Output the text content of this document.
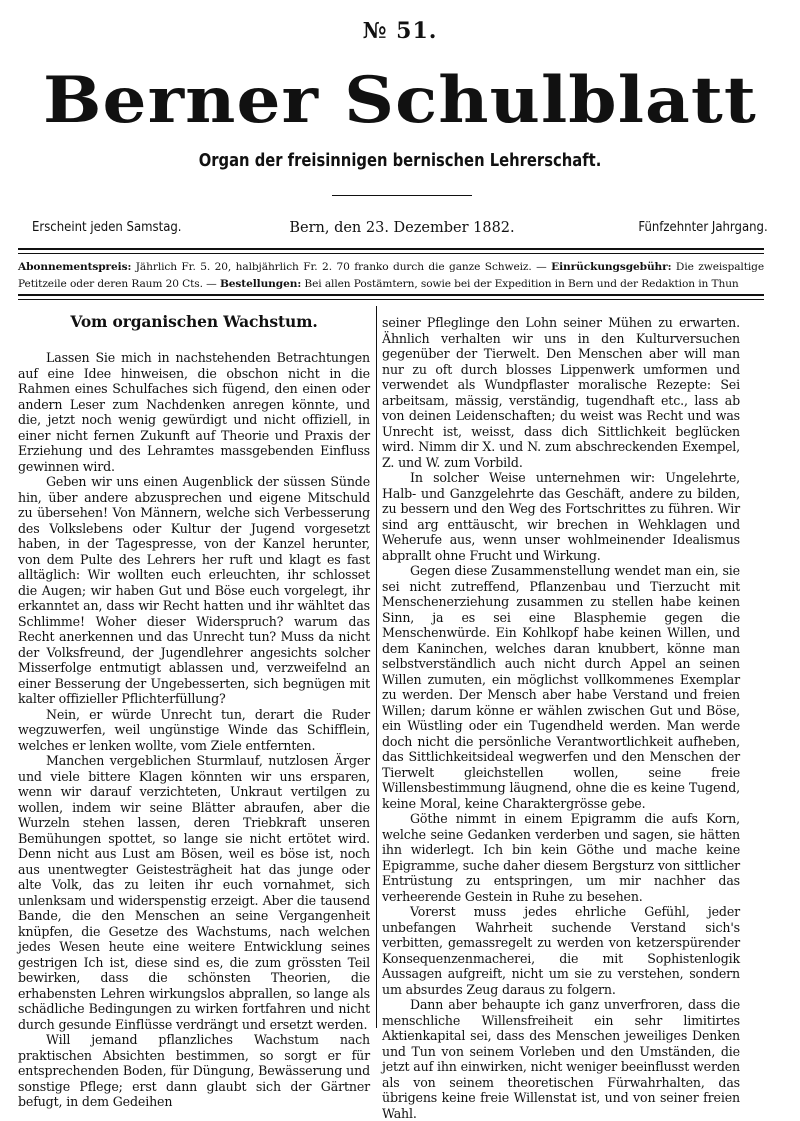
№ 51.
Berner Schulblatt
Organ der freisinnigen bernischen Lehrerschaft.
Erscheint jeden Samstag.	Bern, den 23. Dezember 1882.	Fünfzehnter Jahrgang.
Abonnementspreis: Jährlich Fr. 5. 20, halbjährlich Fr. 2. 70 franko durch die ganze Schweiz. — Einrückungsgebühr: Die zweispaltige Petitzeile oder deren Raum 20 Cts. — Bestellungen: Bei allen Postämtern, sowie bei der Expedition in Bern und der Redaktion in Thun
Vom organischen Wachstum.

Lassen Sie mich in nachstehenden Betrachtungen auf eine Idee hinweisen, die obschon nicht in die Rahmen eines Schulfaches sich fügend, den einen oder andern Leser zum Nachdenken anregen könnte, und die, jetzt noch wenig gewürdigt und nicht offiziell, in einer nicht fernen Zukunft auf Theorie und Praxis der Erziehung und des Lehramtes massgebenden Einfluss gewinnen wird.

Geben wir uns einen Augenblick der süssen Sünde hin, über andere abzusprechen und eigene Mitschuld zu übersehen! Von Männern, welche sich Verbesserung des Volkslebens oder Kultur der Jugend vorgesetzt haben, in der Tagespresse, von der Kanzel herunter, von dem Pulte des Lehrers her ruft und klagt es fast alltäglich: Wir wollten euch erleuchten, ihr schlosset die Augen; wir haben Gut und Böse euch vorgelegt, ihr erkanntet an, dass wir Recht hatten und ihr wähltet das Schlimme! Woher dieser Widerspruch? warum das Recht anerkennen und das Unrecht tun? Muss da nicht der Volksfreund, der Jugendlehrer angesichts solcher Misserfolge entmutigt ablassen und, verzweifelnd an einer Besserung der Ungebesserten, sich begnügen mit kalter offizieller Pflichterfüllung?

Nein, er würde Unrecht tun, derart die Ruder wegzuwerfen, weil ungünstige Winde das Schifflein, welches er lenken wollte, vom Ziele entfernten.

Manchen vergeblichen Sturmlauf, nutzlosen Ärger und viele bittere Klagen könnten wir uns ersparen, wenn wir darauf verzichteten, Unkraut vertilgen zu wollen, indem wir seine Blätter abraufen, aber die Wurzeln stehen lassen, deren Triebkraft unseren Bemühungen spottet, so lange sie nicht ertötet wird. Denn nicht aus Lust am Bösen, weil es böse ist, noch aus unentwegter Geistesträgheit hat das junge oder alte Volk, das zu leiten ihr euch vornahmet, sich unlenksam und widerspenstig erzeigt. Aber die tausend Bande, die den Menschen an seine Vergangenheit knüpfen, die Gesetze des Wachstums, nach welchen jedes Wesen heute eine weitere Entwicklung seines gestrigen Ich ist, diese sind es, die zum grössten Teil bewirken, dass die schönsten Theorien, die erhabensten Lehren wirkungslos abprallen, so lange als schädliche Bedingungen zu wirken fortfahren und nicht durch gesunde Einflüsse verdrängt und ersetzt werden.

Will jemand pflanzliches Wachstum nach praktischen Absichten bestimmen, so sorgt er für entsprechenden Boden, für Düngung, Bewässerung und sonstige Pflege; erst dann glaubt sich der Gärtner befugt, in dem Gedeihen

seiner Pfleglinge den Lohn seiner Mühen zu erwarten. Ähnlich verhalten wir uns in den Kulturversuchen gegenüber der Tierwelt. Den Menschen aber will man nur zu oft durch blosses Lippenwerk umformen und verwendet als Wundpflaster moralische Rezepte: Sei arbeitsam, mässig, verständig, tugendhaft etc., lass ab von deinen Leidenschaften; du weist was Recht und was Unrecht ist, weisst, dass dich Sittlichkeit beglücken wird. Nimm dir X. und N. zum abschreckenden Exempel, Z. und W. zum Vorbild.

In solcher Weise unternehmen wir: Ungelehrte, Halb- und Ganzgelehrte das Geschäft, andere zu bilden, zu bessern und den Weg des Fortschrittes zu führen. Wir sind arg enttäuscht, wir brechen in Wehklagen und Weherufe aus, wenn unser wohlmeinender Idealismus abprallt ohne Frucht und Wirkung.

Gegen diese Zusammenstellung wendet man ein, sie sei nicht zutreffend, Pflanzenbau und Tierzucht mit Menschenerziehung zusammen zu stellen habe keinen Sinn, ja es sei eine Blasphemie gegen die Menschenwürde. Ein Kohlkopf habe keinen Willen, und dem Kaninchen, welches daran knubbert, könne man selbstverständlich auch nicht durch Appel an seinen Willen zumuten, ein möglichst vollkommenes Exemplar zu werden. Der Mensch aber habe Verstand und freien Willen; darum könne er wählen zwischen Gut und Böse, ein Wüstling oder ein Tugendheld werden. Man werde doch nicht die persönliche Verantwortlichkeit aufheben, das Sittlichkeitsideal wegwerfen und den Menschen der Tierwelt gleichstellen wollen, seine freie Willensbestimmung läugnend, ohne die es keine Tugend, keine Moral, keine Charaktergrösse gebe.

Göthe nimmt in einem Epigramm die aufs Korn, welche seine Gedanken verderben und sagen, sie hätten ihn widerlegt. Ich bin kein Göthe und mache keine Epigramme, suche daher diesem Bergsturz von sittlicher Entrüstung zu entspringen, um mir nachher das verheerende Gestein in Ruhe zu besehen.

Vorerst muss jedes ehrliche Gefühl, jeder unbefangen Wahrheit suchende Verstand sich's verbitten, gemassregelt zu werden von ketzerspürender Konsequenzenmacherei, die mit Sophistenlogik Aussagen aufgreift, nicht um sie zu verstehen, sondern um absurdes Zeug daraus zu folgern.

Dann aber behaupte ich ganz unverfroren, dass die menschliche Willensfreiheit ein sehr limitirtes Aktienkapital sei, dass des Menschen jeweiliges Denken und Tun von seinem Vorleben und den Umständen, die jetzt auf ihn einwirken, nicht weniger beeinflusst werden als von seinem theoretischen Fürwahrhalten, das übrigens keine freie Willenstat ist, und von seiner freien Wahl.
